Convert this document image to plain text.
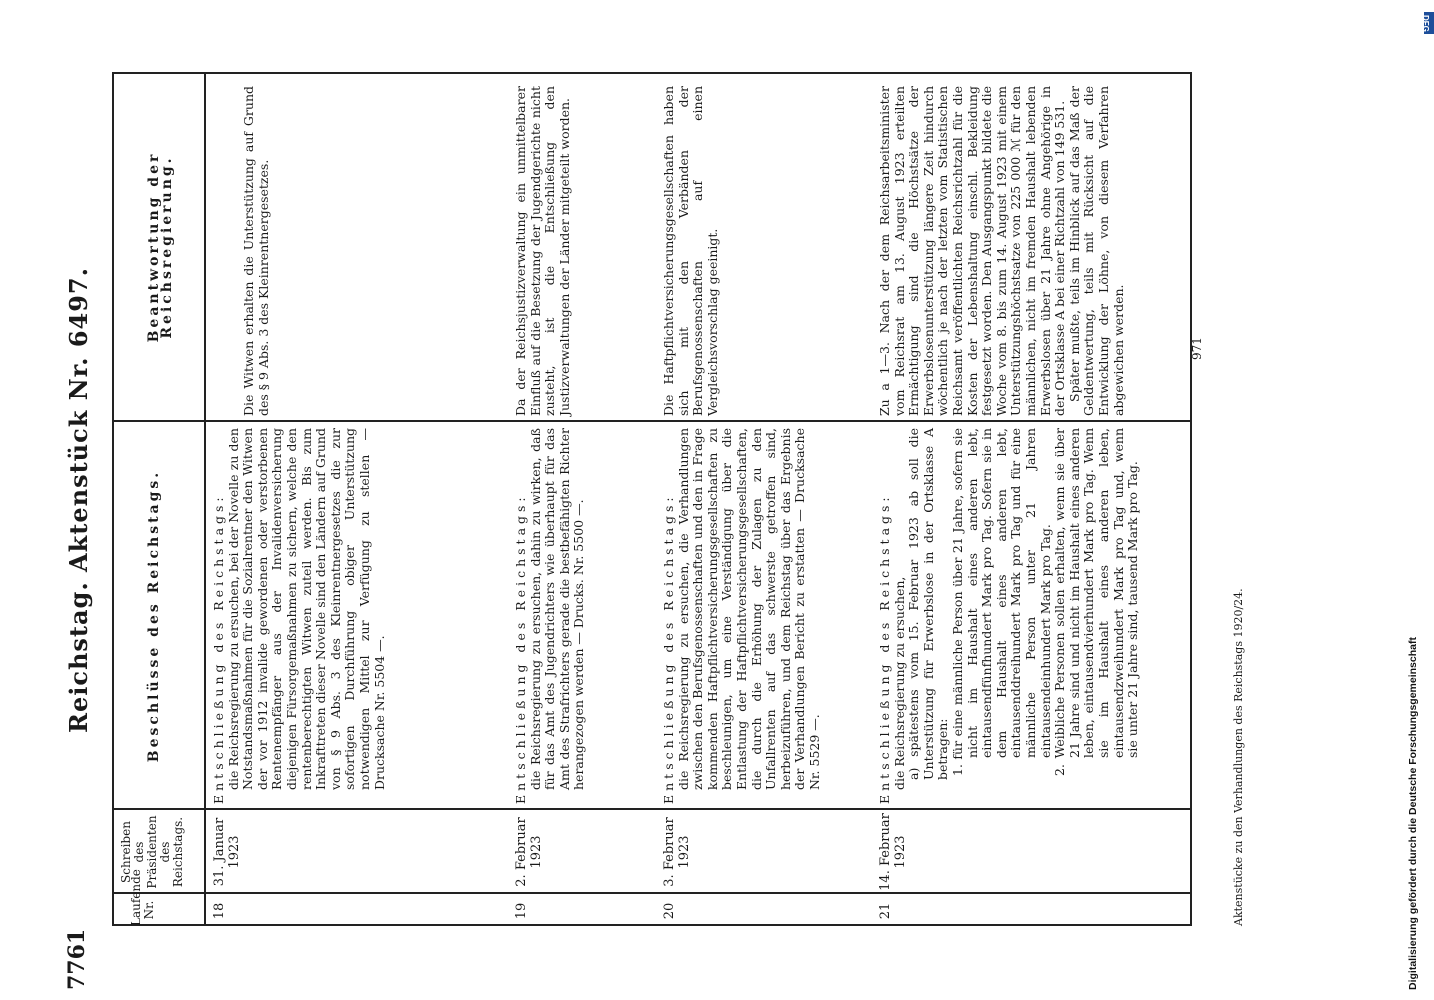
Reichstag. Aktenstück Nr. 6497.
7761
Laufende Nr.
Schreiben des Präsidenten des Reichstags.
Beschlüsse des Reichstags.
Beantwortung der Reichsregierung.
18
31. Januar 1923
Entschließung des Reichstags: die Reichsregierung zu ersuchen, bei der Novelle zu den Notstandsmaßnahmen für die Sozialrentner den Witwen der vor 1912 invalide gewordenen oder verstorbenen Rentenempfänger aus der Invalidenversicherung diejenigen Fürsorgemaßnahmen zu sichern, welche den rentenberechtigten Witwen zuteil werden. Bis zum Inkrafttreten dieser Novelle sind den Ländern auf Grund von § 9 Abs. 3 des Kleinrentnergesetzes die zur sofortigen Durchführung obiger Unterstützung notwendigen Mittel zur Verfügung zu stellen — Drucksache Nr. 5504 —.
Die Witwen erhalten die Unterstützung auf Grund des § 9 Abs. 3 des Kleinrentnergesetzes.
19
2. Februar 1923
Entschließung des Reichstags: die Reichsregierung zu ersuchen, dahin zu wirken, daß für das Amt des Jugendrichters wie überhaupt für das Amt des Strafrichters gerade die bestbefähigten Richter herangezogen werden — Drucks. Nr. 5500 —.
Da der Reichsjustizverwaltung ein unmittelbarer Einfluß auf die Besetzung der Jugendgerichte nicht zusteht, ist die Entschließung den Justizverwaltungen der Länder mitgeteilt worden.
20
3. Februar 1923
Entschließung des Reichstags: die Reichsregierung zu ersuchen, die Verhandlungen zwischen den Berufsgenossenschaften und den in Frage kommenden Haftpflichtversicherungsgesellschaften zu beschleunigen, um eine Verständigung über die Entlastung der Haftpflichtversicherungsgesellschaften, die durch die Erhöhung der Zulagen zu den Unfallrenten auf das schwerste getroffen sind, herbeizuführen, und dem Reichstag über das Ergebnis der Verhandlungen Bericht zu erstatten — Drucksache Nr. 5529 —.
Die Haftpflichtversicherungsgesellschaften haben sich mit den Verbänden der Berufsgenossenschaften auf einen Vergleichsvorschlag geeinigt.
21
14. Februar 1923
Entschließung des Reichstags: die Reichsregierung zu ersuchen, a) spätestens vom 15. Februar 1923 ab soll die Unterstützung für Erwerbslose in der Ortsklasse A betragen: 1. für eine männliche Person über 21 Jahre, sofern sie nicht im Haushalt eines anderen lebt, eintausendfünfhundert Mark pro Tag. Sofern sie in dem Haushalt eines anderen lebt, eintausenddreihundert Mark pro Tag und für eine männliche Person unter 21 Jahren eintausendeinhundert Mark pro Tag. 2. Weibliche Personen sollen erhalten, wenn sie über 21 Jahre sind und nicht im Haushalt eines anderen leben, eintausendvierhundert Mark pro Tag. Wenn sie im Haushalt eines anderen leben, eintausendzweihundert Mark pro Tag und, wenn sie unter 21 Jahre sind, tausend Mark pro Tag.
Zu a 1—3. Nach der dem Reichsarbeitsminister vom Reichsrat am 13. August 1923 erteilten Ermächtigung sind die Höchstsätze der Erwerbslosenunterstützung längere Zeit hindurch wöchentlich je nach der letzten vom Statistischen Reichsamt veröffentlichten Reichsrichtzahl für die Kosten der Lebenshaltung einschl. Bekleidung festgesetzt worden. Den Ausgangspunkt bildete die Woche vom 8. bis zum 14. August 1923 mit einem Unterstützungshöchstsatze von 225 000 ℳ für den männlichen, nicht im fremden Haushalt lebenden Erwerbslosen über 21 Jahre ohne Angehörige in der Ortsklasse A bei einer Richtzahl von 149 531. Später mußte, teils im Hinblick auf das Maß der Geldentwertung, teils mit Rücksicht auf die Entwicklung der Löhne, von diesem Verfahren abgewichen werden.	971
Aktenstücke zu den Verhandlungen des Reichstags 1920/24.
DFG
Digitalisierung gefördert durch die Deutsche Forschungsgemeinschaft
